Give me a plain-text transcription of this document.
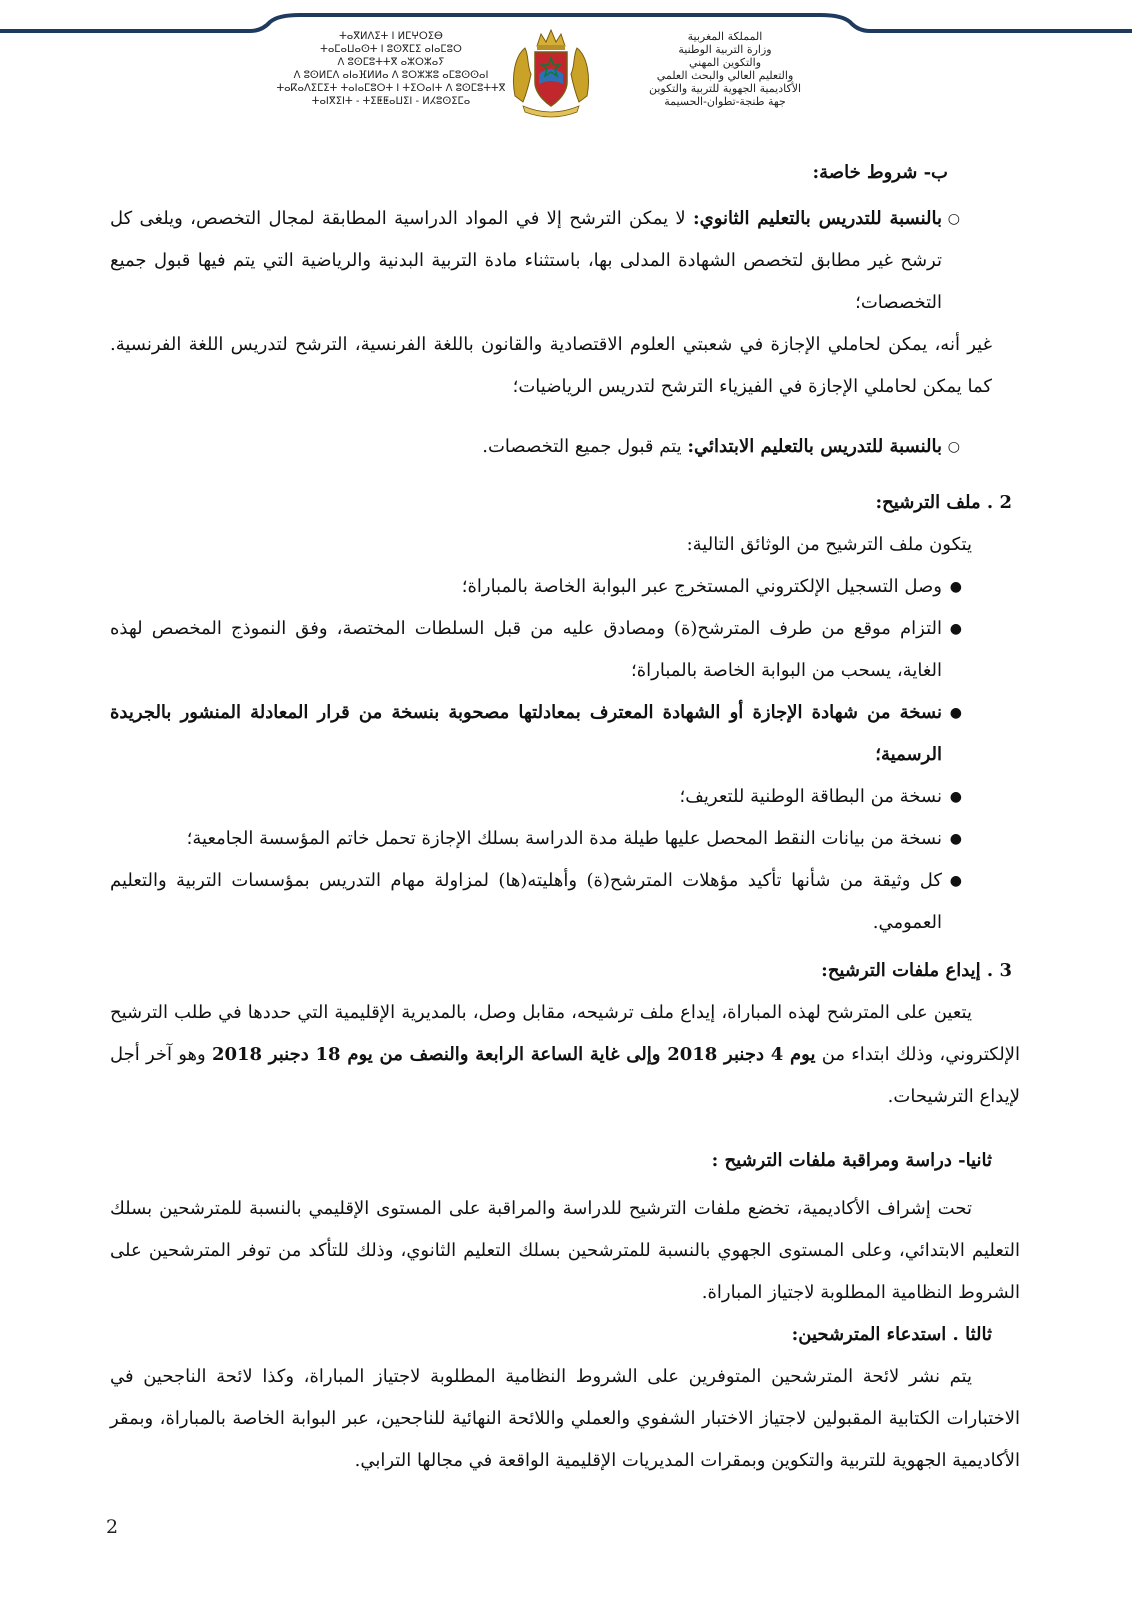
ⵜⴰⴳⵍⴷⵉⵜ ⵏ ⵍⵎⵖⵔⵉⴱ
ⵜⴰⵎⴰⵡⴰⵙⵜ ⵏ ⵓⵙⴳⵎⵉ ⴰⵏⴰⵎⵓⵔ
ⴷ ⵓⵙⵎⵓⵜⵜⴳ ⴰⵣⵔⵣⴰⵢ
ⴷ ⵓⵙⵍⵎⴷ ⴰⵏⴰⴼⵍⵍⴰ ⴷ ⵓⵔⵣⵣⵓ ⴰⵎⵓⵙⵙⴰⵏ
ⵜⴰⴽⴰⴷⵉⵎⵉⵜ ⵜⴰⵏⴰⵎⵓⵔⵜ ⵏ ⵜⵉⵔⴰⵏⵜ ⴷ ⵓⵙⵎⵓⵜⵜⴳ
ⵜⴰⵏⴳⵉⵏⵜ - ⵜⵉⵟⵟⴰⵡⵉⵏ - ⵍⵃⵓⵙⵉⵎⴰ
المملكة المغربية
وزارة التربية الوطنية
والتكوين المهني
والتعليم العالي والبحث العلمي
الأكاديمية الجهوية للتربية والتكوين
جهة طنجة-تطوان-الحسيمة

ب- شروط خاصة:

○
بالنسبة للتدريس بالتعليم الثانوي: لا يمكن الترشح إلا في المواد الدراسية المطابقة لمجال التخصص، ويلغى كل ترشح غير مطابق لتخصص الشهادة المدلى بها، باستثناء مادة التربية البدنية والرياضية التي يتم فيها قبول جميع التخصصات؛

غير أنه، يمكن لحاملي الإجازة في شعبتي العلوم الاقتصادية والقانون باللغة الفرنسية، الترشح لتدريس اللغة الفرنسية. كما يمكن لحاملي الإجازة في الفيزياء الترشح لتدريس الرياضيات؛

○
بالنسبة للتدريس بالتعليم الابتدائي: يتم قبول جميع التخصصات.

2 . ملف الترشيح:

يتكون ملف الترشيح من الوثائق التالية:

●
وصل التسجيل الإلكتروني المستخرج عبر البوابة الخاصة بالمباراة؛

●
التزام موقع من طرف المترشح(ة) ومصادق عليه من قبل السلطات المختصة، وفق النموذج المخصص لهذه الغاية، يسحب من البوابة الخاصة بالمباراة؛

●
نسخة من شهادة الإجازة أو الشهادة المعترف بمعادلتها مصحوبة بنسخة من قرار المعادلة المنشور بالجريدة الرسمية؛

●
نسخة من البطاقة الوطنية للتعريف؛

●
نسخة من بيانات النقط المحصل عليها طيلة مدة الدراسة بسلك الإجازة تحمل خاتم المؤسسة الجامعية؛

●
كل وثيقة من شأنها تأكيد مؤهلات المترشح(ة) وأهليته(ها) لمزاولة مهام التدريس بمؤسسات التربية والتعليم العمومي.

3 . إيداع ملفات الترشيح:

يتعين على المترشح لهذه المباراة، إيداع ملف ترشيحه، مقابل وصل، بالمديرية الإقليمية التي حددها في طلب الترشيح الإلكتروني، وذلك ابتداء من يوم 4 دجنبر 2018 وإلى غاية الساعة الرابعة والنصف من يوم 18 دجنبر 2018 وهو آخر أجل لإيداع الترشيحات.

ثانيا- دراسة ومراقبة ملفات الترشيح :

تحت إشراف الأكاديمية، تخضع ملفات الترشيح للدراسة والمراقبة على المستوى الإقليمي بالنسبة للمترشحين بسلك التعليم الابتدائي، وعلى المستوى الجهوي بالنسبة للمترشحين بسلك التعليم الثانوي، وذلك للتأكد من توفر المترشحين على الشروط النظامية المطلوبة لاجتياز المباراة.

ثالثا . استدعاء المترشحين:

يتم نشر لائحة المترشحين المتوفرين على الشروط النظامية المطلوبة لاجتياز المباراة، وكذا لائحة الناجحين في الاختبارات الكتابية المقبولين لاجتياز الاختبار الشفوي والعملي واللائحة النهائية للناجحين، عبر البوابة الخاصة بالمباراة، وبمقر الأكاديمية الجهوية للتربية والتكوين وبمقرات المديريات الإقليمية الواقعة في مجالها الترابي.

2
